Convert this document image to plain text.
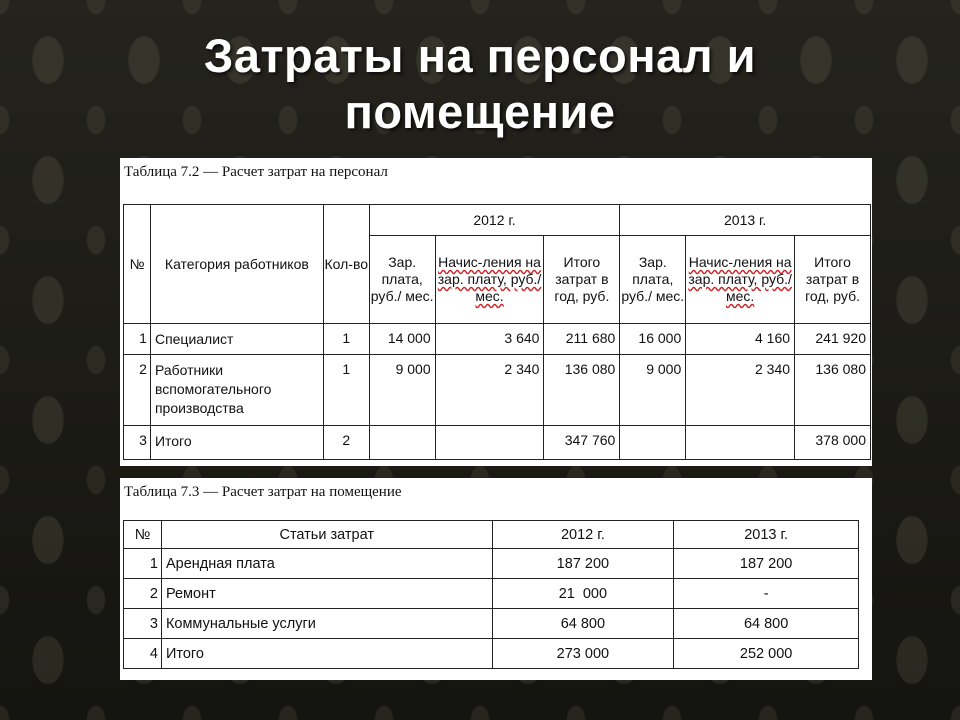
Затраты на персонал и
помещение
Таблица 7.2 — Расчет затрат на персонал
№	Категория работников	Кол-во	2012 г.			2013 г.		
			Зар. плата, руб./ мес.	Начис-ления на зар. плату, руб./мес.	Итого затрат в год, руб.	Зар. плата, руб./ мес.	Начис-ления на зар. плату, руб./мес.	Итого затрат в год, руб.
1	Специалист	1	14 000	3 640	211 680	16 000	4 160	241 920
2	Работники вспомогательного производства	1	9 000	2 340	136 080	9 000	2 340	136 080
3	Итого	2			347 760			378 000
Таблица 7.3 — Расчет затрат на помещение
№	Статьи затрат	2012 г.	2013 г.
1	Арендная плата	187 200	187 200
2	Ремонт	21  000	-
3	Коммунальные услуги	64 800	64 800
4	Итого	273 000	252 000
